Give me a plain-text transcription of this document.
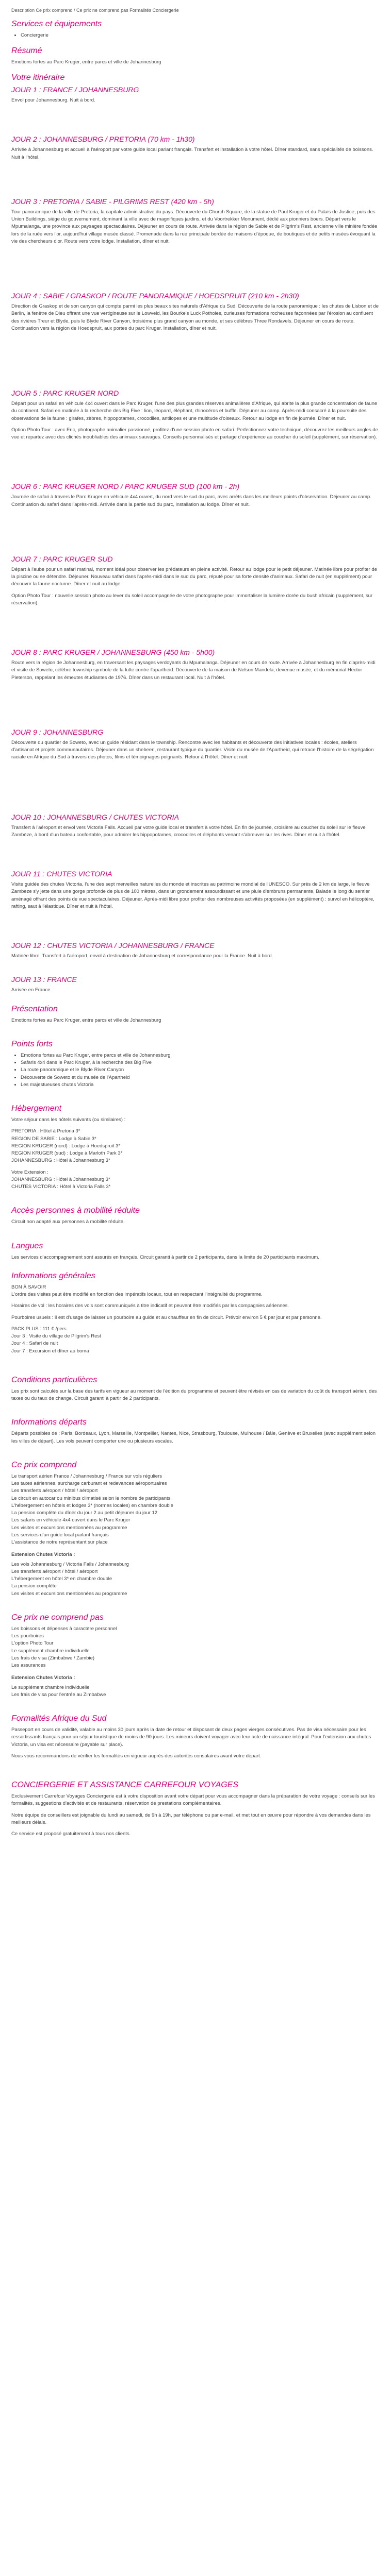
Description Ce prix comprend / Ce prix ne comprend pas Formalités Conciergerie

Services et équipements
• Conciergerie
Résumé

Emotions fortes au Parc Kruger, entre parcs et ville de Johannesburg

Votre itinéraire
JOUR 1 : FRANCE / JOHANNESBURG

Envol pour Johannesburg. Nuit à bord.

JOUR 2 : JOHANNESBURG / PRETORIA (70 km - 1h30)

Arrivée à Johannesburg et accueil à l'aéroport par votre guide local parlant français. Transfert et installation à votre hôtel. Dîner standard, sans spécialités de boissons. Nuit à l'hôtel.

JOUR 3 : PRETORIA / SABIE - PILGRIMS REST (420 km - 5h)

Tour panoramique de la ville de Pretoria, la capitale administrative du pays. Découverte du Church Square, de la statue de Paul Kruger et du Palais de Justice, puis des Union Buildings, siège du gouvernement, dominant la ville avec de magnifiques jardins, et du Voortrekker Monument, dédié aux pionniers boers. Départ vers le Mpumalanga, une province aux paysages spectaculaires. Déjeuner en cours de route. Arrivée dans la région de Sabie et de Pilgrim's Rest, ancienne ville minière fondée lors de la ruée vers l'or, aujourd'hui village musée classé. Promenade dans la rue principale bordée de maisons d'époque, de boutiques et de petits musées évoquant la vie des chercheurs d'or. Route vers votre lodge. Installation, dîner et nuit.

JOUR 4 : SABIE / GRASKOP / ROUTE PANORAMIQUE / HOEDSPRUIT (210 km - 2h30)

Direction de Graskop et de son canyon qui compte parmi les plus beaux sites naturels d'Afrique du Sud. Découverte de la route panoramique : les chutes de Lisbon et de Berlin, la fenêtre de Dieu offrant une vue vertigineuse sur le Lowveld, les Bourke's Luck Potholes, curieuses formations rocheuses façonnées par l'érosion au confluent des rivières Treur et Blyde, puis le Blyde River Canyon, troisième plus grand canyon au monde, et ses célèbres Three Rondavels. Déjeuner en cours de route. Continuation vers la région de Hoedspruit, aux portes du parc Kruger. Installation, dîner et nuit.

JOUR 5 : PARC KRUGER NORD

Départ pour un safari en véhicule 4x4 ouvert dans le Parc Kruger, l'une des plus grandes réserves animalières d'Afrique, qui abrite la plus grande concentration de faune du continent. Safari en matinée à la recherche des Big Five : lion, léopard, éléphant, rhinocéros et buffle. Déjeuner au camp. Après-midi consacré à la poursuite des observations de la faune : girafes, zèbres, hippopotames, crocodiles, antilopes et une multitude d'oiseaux. Retour au lodge en fin de journée. Dîner et nuit.

Option Photo Tour : avec Eric, photographe animalier passionné, profitez d'une session photo en safari. Perfectionnez votre technique, découvrez les meilleurs angles de vue et repartez avec des clichés inoubliables des animaux sauvages. Conseils personnalisés et partage d'expérience au coucher du soleil (supplément, sur réservation).

JOUR 6 : PARC KRUGER NORD / PARC KRUGER SUD (100 km - 2h)

Journée de safari à travers le Parc Kruger en véhicule 4x4 ouvert, du nord vers le sud du parc, avec arrêts dans les meilleurs points d'observation. Déjeuner au camp. Continuation du safari dans l'après-midi. Arrivée dans la partie sud du parc, installation au lodge. Dîner et nuit.

JOUR 7 : PARC KRUGER SUD

Départ à l'aube pour un safari matinal, moment idéal pour observer les prédateurs en pleine activité. Retour au lodge pour le petit déjeuner. Matinée libre pour profiter de la piscine ou se détendre. Déjeuner. Nouveau safari dans l'après-midi dans le sud du parc, réputé pour sa forte densité d'animaux. Safari de nuit (en supplément) pour découvrir la faune nocturne. Dîner et nuit au lodge.

Option Photo Tour : nouvelle session photo au lever du soleil accompagnée de votre photographe pour immortaliser la lumière dorée du bush africain (supplément, sur réservation).

JOUR 8 : PARC KRUGER / JOHANNESBURG (450 km - 5h00)

Route vers la région de Johannesburg, en traversant les paysages verdoyants du Mpumalanga. Déjeuner en cours de route. Arrivée à Johannesburg en fin d'après-midi et visite de Soweto, célèbre township symbole de la lutte contre l'apartheid. Découverte de la maison de Nelson Mandela, devenue musée, et du mémorial Hector Pieterson, rappelant les émeutes étudiantes de 1976. Dîner dans un restaurant local. Nuit à l'hôtel.

JOUR 9 : JOHANNESBURG

Découverte du quartier de Soweto, avec un guide résidant dans le township. Rencontre avec les habitants et découverte des initiatives locales : écoles, ateliers d'artisanat et projets communautaires. Déjeuner dans un shebeen, restaurant typique du quartier. Visite du musée de l'Apartheid, qui retrace l'histoire de la ségrégation raciale en Afrique du Sud à travers des photos, films et témoignages poignants. Retour à l'hôtel. Dîner et nuit.

JOUR 10 : JOHANNESBURG / CHUTES VICTORIA

Transfert à l'aéroport et envol vers Victoria Falls. Accueil par votre guide local et transfert à votre hôtel. En fin de journée, croisière au coucher du soleil sur le fleuve Zambèze, à bord d'un bateau confortable, pour admirer les hippopotames, crocodiles et éléphants venant s'abreuver sur les rives. Dîner et nuit à l'hôtel.

JOUR 11 : CHUTES VICTORIA

Visite guidée des chutes Victoria, l'une des sept merveilles naturelles du monde et inscrites au patrimoine mondial de l'UNESCO. Sur près de 2 km de large, le fleuve Zambèze s'y jette dans une gorge profonde de plus de 100 mètres, dans un grondement assourdissant et une pluie d'embruns permanente. Balade le long du sentier aménagé offrant des points de vue spectaculaires. Déjeuner. Après-midi libre pour profiter des nombreuses activités proposées (en supplément) : survol en hélicoptère, rafting, saut à l'élastique. Dîner et nuit à l'hôtel.

JOUR 12 : CHUTES VICTORIA / JOHANNESBURG / FRANCE

Matinée libre. Transfert à l'aéroport, envol à destination de Johannesburg et correspondance pour la France. Nuit à bord.

JOUR 13 : FRANCE

Arrivée en France.

Présentation

Emotions fortes au Parc Kruger, entre parcs et ville de Johannesburg

Points forts
• Emotions fortes au Parc Kruger, entre parcs et ville de Johannesburg
• Safaris 4x4 dans le Parc Kruger, à la recherche des Big Five
• La route panoramique et le Blyde River Canyon
• Découverte de Soweto et du musée de l'Apartheid
• Les majestueuses chutes Victoria
Hébergement

Votre séjour dans les hôtels suivants (ou similaires) :

PRETORIA : Hôtel à Pretoria 3*

REGION DE SABIE : Lodge à Sabie 3*

REGION KRUGER (nord) : Lodge à Hoedspruit 3*

REGION KRUGER (sud) : Lodge à Marloth Park 3*

JOHANNESBURG : Hôtel à Johannesburg 3*

Votre Extension :

JOHANNESBURG : Hôtel à Johannesburg 3*

CHUTES VICTORIA : Hôtel à Victoria Falls 3*

Accès personnes à mobilité réduite

Circuit non adapté aux personnes à mobilité réduite.

Langues

Les services d'accompagnement sont assurés en français. Circuit garanti à partir de 2 participants, dans la limite de 20 participants maximum.

Informations générales

BON À SAVOIR

L'ordre des visites peut être modifié en fonction des impératifs locaux, tout en respectant l'intégralité du programme.

Horaires de vol : les horaires des vols sont communiqués à titre indicatif et peuvent être modifiés par les compagnies aériennes.

Pourboires usuels : il est d'usage de laisser un pourboire au guide et au chauffeur en fin de circuit. Prévoir environ 5 € par jour et par personne.

PACK PLUS : 111 € /pers

Jour 3 : Visite du village de Pilgrim's Rest

Jour 4 : Safari de nuit

Jour 7 : Excursion et dîner au boma

Conditions particulières

Les prix sont calculés sur la base des tarifs en vigueur au moment de l'édition du programme et peuvent être révisés en cas de variation du coût du transport aérien, des taxes ou du taux de change. Circuit garanti à partir de 2 participants.

Informations départs

Départs possibles de : Paris, Bordeaux, Lyon, Marseille, Montpellier, Nantes, Nice, Strasbourg, Toulouse, Mulhouse / Bâle, Genève et Bruxelles (avec supplément selon les villes de départ). Les vols peuvent comporter une ou plusieurs escales.

Ce prix comprend

Le transport aérien France / Johannesburg / France sur vols réguliers

Les taxes aériennes, surcharge carburant et redevances aéroportuaires

Les transferts aéroport / hôtel / aéroport

Le circuit en autocar ou minibus climatisé selon le nombre de participants

L'hébergement en hôtels et lodges 3* (normes locales) en chambre double

La pension complète du dîner du jour 2 au petit déjeuner du jour 12

Les safaris en véhicule 4x4 ouvert dans le Parc Kruger

Les visites et excursions mentionnées au programme

Les services d'un guide local parlant français

L'assistance de notre représentant sur place

Extension Chutes Victoria :

Les vols Johannesburg / Victoria Falls / Johannesburg

Les transferts aéroport / hôtel / aéroport

L'hébergement en hôtel 3* en chambre double

La pension complète

Les visites et excursions mentionnées au programme

Ce prix ne comprend pas

Les boissons et dépenses à caractère personnel

Les pourboires

L'option Photo Tour

Le supplément chambre individuelle

Les frais de visa (Zimbabwe / Zambie)

Les assurances

Extension Chutes Victoria :

Le supplément chambre individuelle

Les frais de visa pour l'entrée au Zimbabwe

Formalités Afrique du Sud

Passeport en cours de validité, valable au moins 30 jours après la date de retour et disposant de deux pages vierges consécutives. Pas de visa nécessaire pour les ressortissants français pour un séjour touristique de moins de 90 jours. Les mineurs doivent voyager avec leur acte de naissance intégral. Pour l'extension aux chutes Victoria, un visa est nécessaire (payable sur place).

Nous vous recommandons de vérifier les formalités en vigueur auprès des autorités consulaires avant votre départ.

CONCIERGERIE ET ASSISTANCE CARREFOUR VOYAGES

Exclusivement Carrefour Voyages Conciergerie est à votre disposition avant votre départ pour vous accompagner dans la préparation de votre voyage : conseils sur les formalités, suggestions d'activités et de restaurants, réservation de prestations complémentaires.

Notre équipe de conseillers est joignable du lundi au samedi, de 9h à 19h, par téléphone ou par e-mail, et met tout en œuvre pour répondre à vos demandes dans les meilleurs délais.

Ce service est proposé gratuitement à tous nos clients.
